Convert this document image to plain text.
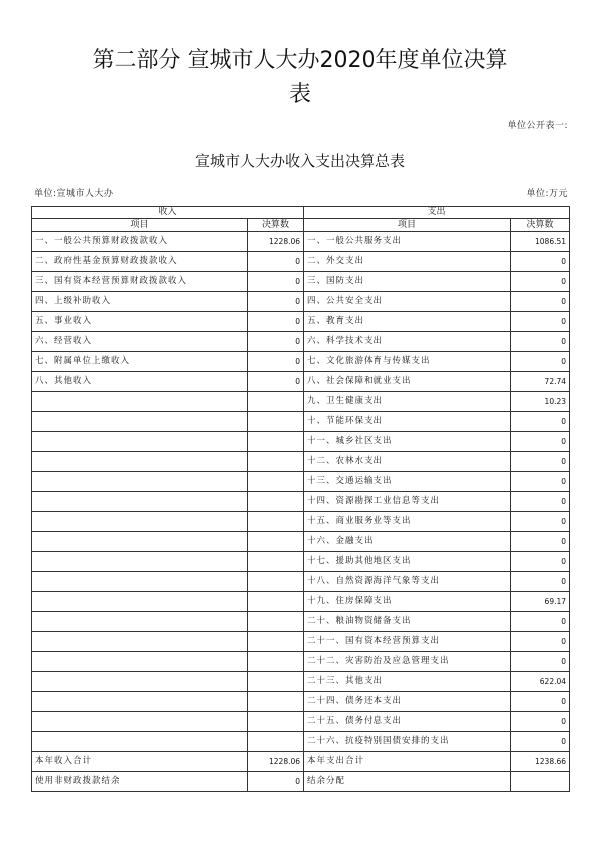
第二部分 宣城市人大办2020年度单位决算
表
单位公开表一:
宣城市人大办收入支出决算总表
单位:宣城市人大办	单位:万元
收入		支出	
项目	决算数	项目	决算数
一、一般公共预算财政拨款收入	1228.06	一、一般公共服务支出	1086.51
二、政府性基金预算财政拨款收入	0	二、外交支出	0
三、国有资本经营预算财政拨款收入	0	三、国防支出	0
四、上级补助收入	0	四、公共安全支出	0
五、事业收入	0	五、教育支出	0
六、经营收入	0	六、科学技术支出	0
七、附属单位上缴收入	0	七、文化旅游体育与传媒支出	0
八、其他收入	0	八、社会保障和就业支出	72.74
		九、卫生健康支出	10.23
		十、节能环保支出	0
		十一、城乡社区支出	0
		十二、农林水支出	0
		十三、交通运输支出	0
		十四、资源勘探工业信息等支出	0
		十五、商业服务业等支出	0
		十六、金融支出	0
		十七、援助其他地区支出	0
		十八、自然资源海洋气象等支出	0
		十九、住房保障支出	69.17
		二十、粮油物资储备支出	0
		二十一、国有资本经营预算支出	0
		二十二、灾害防治及应急管理支出	0
		二十三、其他支出	622.04
		二十四、债务还本支出	0
		二十五、债务付息支出	0
		二十六、抗疫特别国债安排的支出	0
本年收入合计	1228.06	本年支出合计	1238.66
使用非财政拨款结余	0	结余分配	
